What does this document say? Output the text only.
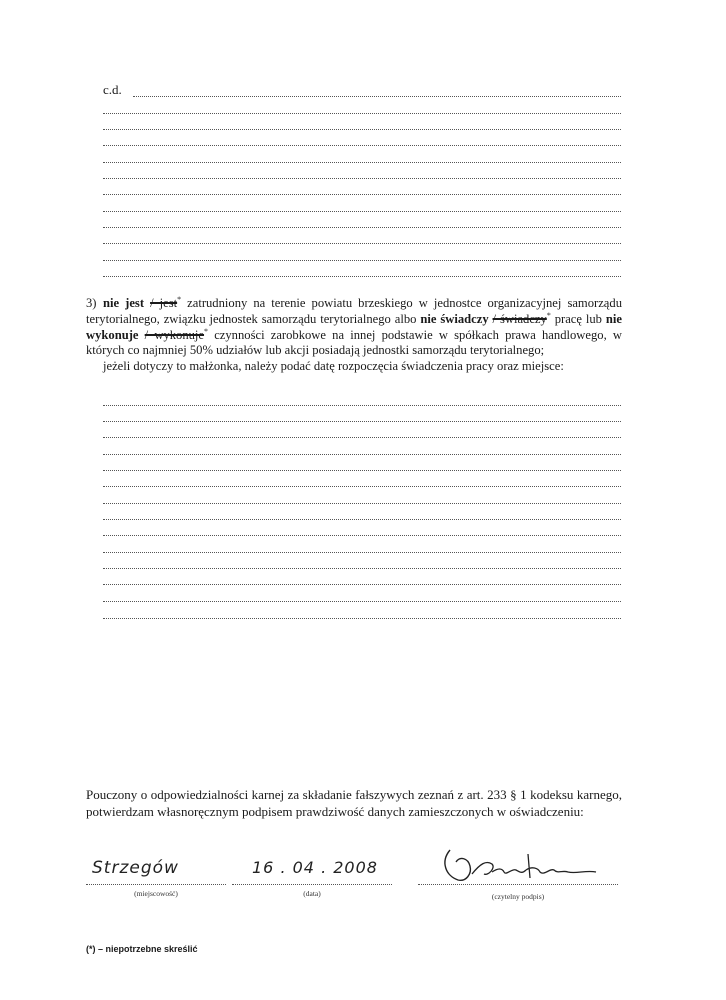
c.d.
3) nie jest / jest* zatrudniony na terenie powiatu brzeskiego w jednostce organizacyjnej samorządu terytorialnego, związku jednostek samorządu terytorialnego albo nie świadczy / świadczy* pracę lub nie wykonuje / wykonuje* czynności zarobkowe na innej podstawie w spółkach prawa handlowego, w których co najmniej 50% udziałów lub akcji posiadają jednostki samorządu terytorialnego;
jeżeli dotyczy to małżonka, należy podać datę rozpoczęcia świadczenia pracy oraz miejsce:
Pouczony o odpowiedzialności karnej za składanie fałszywych zeznań z art. 233 § 1 kodeksu karnego, potwierdzam własnoręcznym podpisem prawdziwość danych zamieszczonych w oświadczeniu:
Strzegów
(miejscowość)
16 . 04 . 2008
(data)	(czytelny podpis)
(*) – niepotrzebne skreślić
